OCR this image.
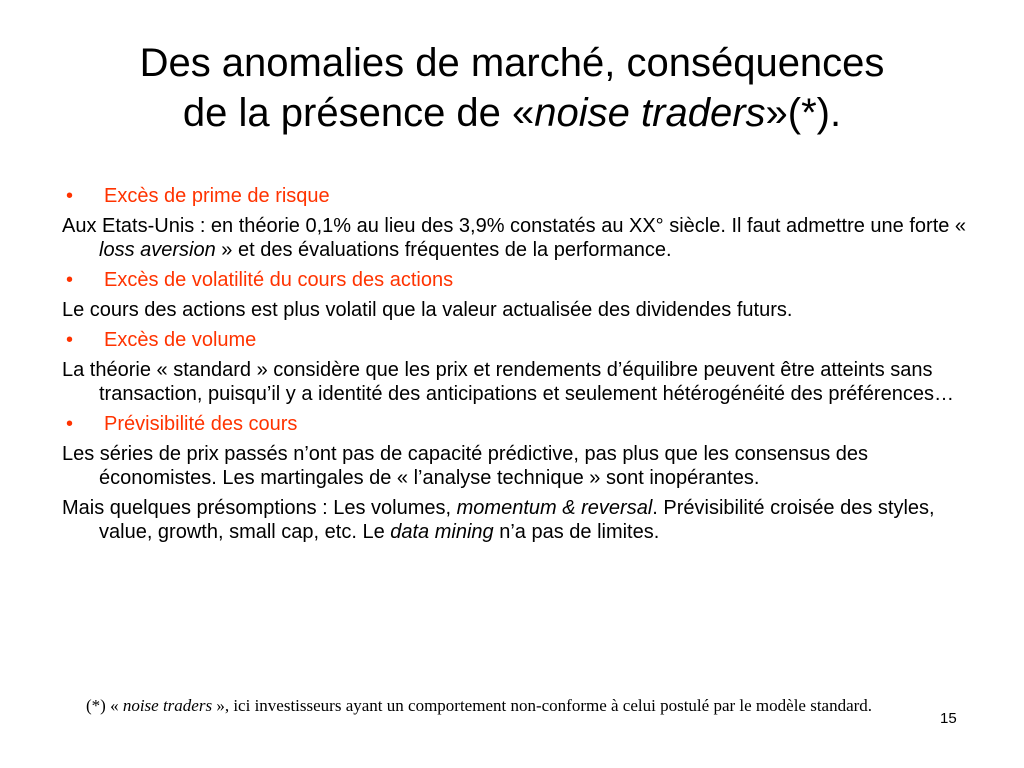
Des anomalies de marché, conséquences
de la présence de «noise traders»(*).
• Excès de prime de risque

Aux Etats-Unis : en théorie 0,1% au lieu des 3,9% constatés au XX° siècle. Il faut admettre une forte « loss aversion » et des évaluations fréquentes de la performance.

• Excès de volatilité du cours des actions

Le cours des actions est plus volatil que la valeur actualisée des dividendes futurs.

• Excès de volume

La théorie « standard » considère que les prix et rendements d’équilibre peuvent être atteints sans transaction, puisqu’il y a identité des anticipations et seulement hétérogénéité des préférences…

• Prévisibilité des cours

Les séries de prix passés n’ont pas de capacité prédictive, pas plus que les consensus des économistes. Les martingales de « l’analyse technique » sont inopérantes.

Mais quelques présomptions : Les volumes, momentum & reversal. Prévisibilité croisée des styles, value, growth, small cap, etc. Le data mining n’a pas de limites.

(*) « noise traders », ici investisseurs ayant un comportement non-conforme à celui postulé par le modèle standard.
15
